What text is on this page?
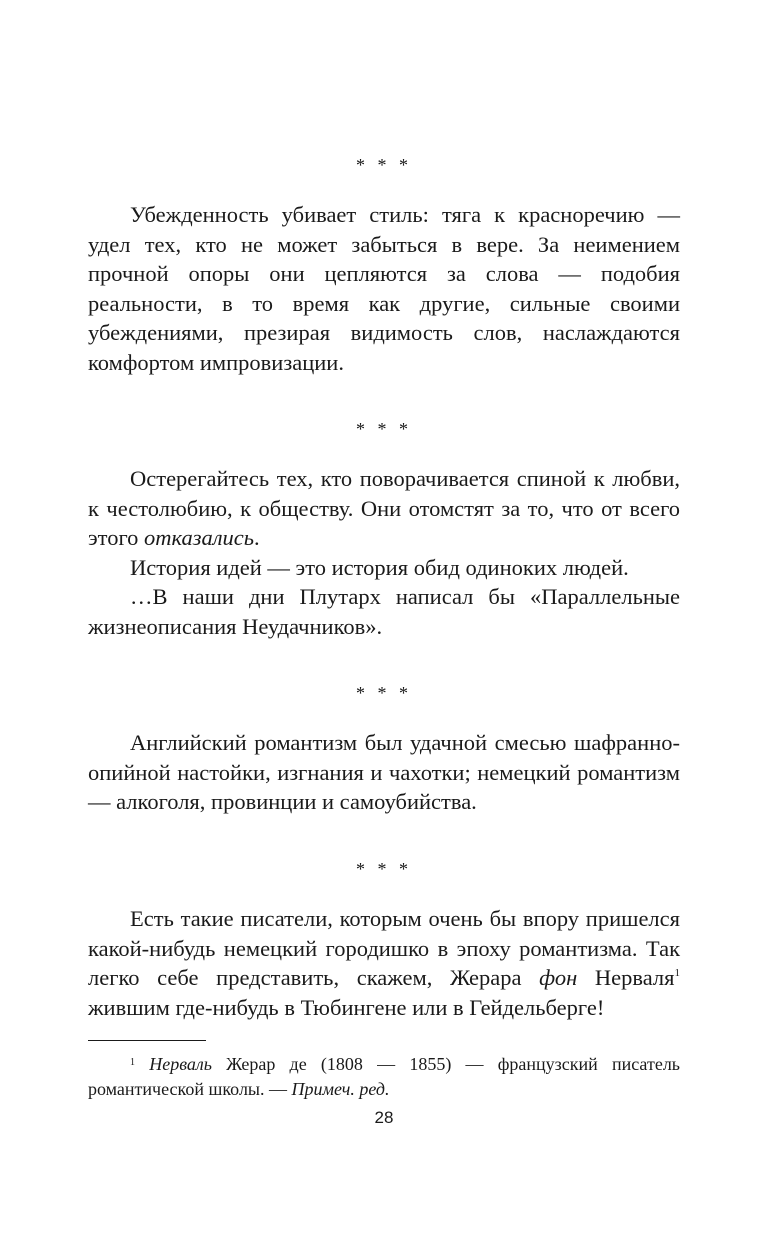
* * *

Убежденность убивает стиль: тяга к красноречию — удел тех, кто не может забыться в вере. За неимением прочной опоры они цепляются за слова — подобия реальности, в то время как другие, сильные своими убеждениями, презирая видимость слов, наслаждаются комфортом импровизации.

* * *

Остерегайтесь тех, кто поворачивается спиной к любви, к честолюбию, к обществу. Они отомстят за то, что от всего этого отказались.

История идей — это история обид одиноких людей.

…В наши дни Плутарх написал бы «Параллельные жизнеописания Неудачников».

* * *

Английский романтизм был удачной смесью шафранно-опийной настойки, изгнания и чахотки; немецкий романтизм — алкоголя, провинции и самоубийства.

* * *

Есть такие писатели, которым очень бы впору пришелся какой-нибудь немецкий городишко в эпоху романтизма. Так легко себе представить, скажем, Жерара фон Нерваля$^1$ жившим где-нибудь в Тюбингене или в Гейдельберге!

$^1$ Нерваль Жерар де (1808 — 1855) — французский писатель романтической школы. — Примеч. ред.

28
